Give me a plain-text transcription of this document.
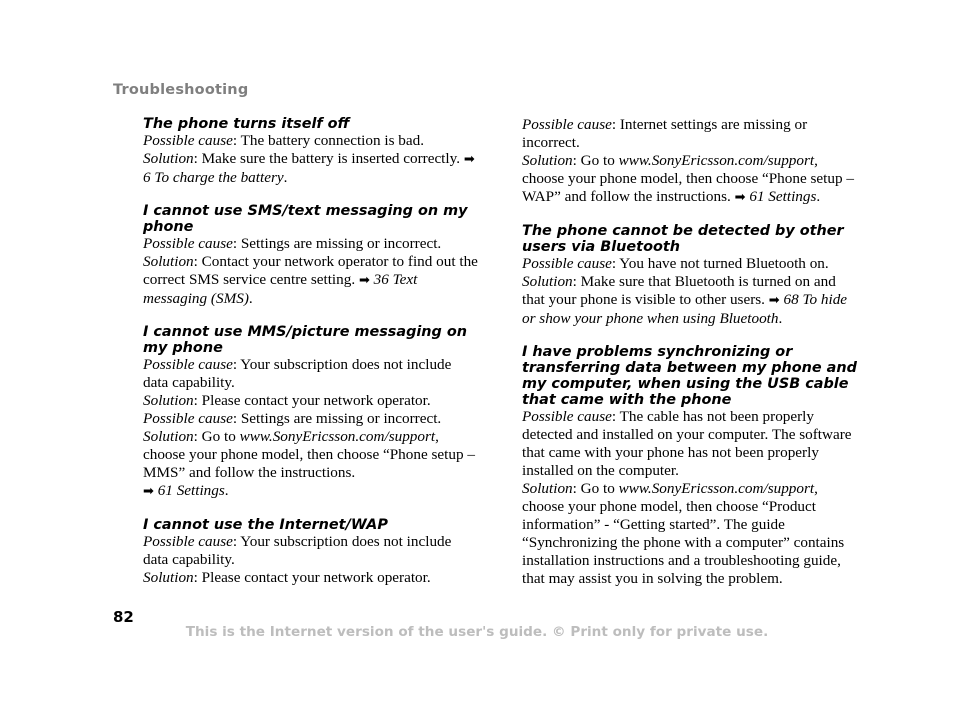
Troubleshooting

The phone turns itself off

Possible cause: The battery connection is bad.
Solution: Make sure the battery is inserted correctly. ➡ 6 To charge the battery.

I cannot use SMS/text messaging on my phone

Possible cause: Settings are missing or incorrect.
Solution: Contact your network operator to find out the correct SMS service centre setting. ➡ 36 Text messaging (SMS).

I cannot use MMS/picture messaging on my phone

Possible cause: Your subscription does not include data capability.
Solution: Please contact your network operator.
Possible cause: Settings are missing or incorrect.
Solution: Go to www.SonyEricsson.com/support, choose your phone model, then choose “Phone setup – MMS” and follow the instructions.
➡ 61 Settings.

I cannot use the Internet/WAP

Possible cause: Your subscription does not include data capability.
Solution: Please contact your network operator.

Possible cause: Internet settings are missing or incorrect.
Solution: Go to www.SonyEricsson.com/support, choose your phone model, then choose “Phone setup – WAP” and follow the instructions. ➡ 61 Settings.

The phone cannot be detected by other users via Bluetooth

Possible cause: You have not turned Bluetooth on.
Solution: Make sure that Bluetooth is turned on and that your phone is visible to other users. ➡ 68 To hide or show your phone when using Bluetooth.

I have problems synchronizing or transferring data between my phone and my computer, when using the USB cable that came with the phone

Possible cause: The cable has not been properly detected and installed on your computer. The software that came with your phone has not been properly installed on the computer.
Solution: Go to www.SonyEricsson.com/support, choose your phone model, then choose “Product information” - “Getting started”. The guide “Synchronizing the phone with a computer” contains installation instructions and a troubleshooting guide, that may assist you in solving the problem.

82
This is the Internet version of the user's guide. © Print only for private use.
